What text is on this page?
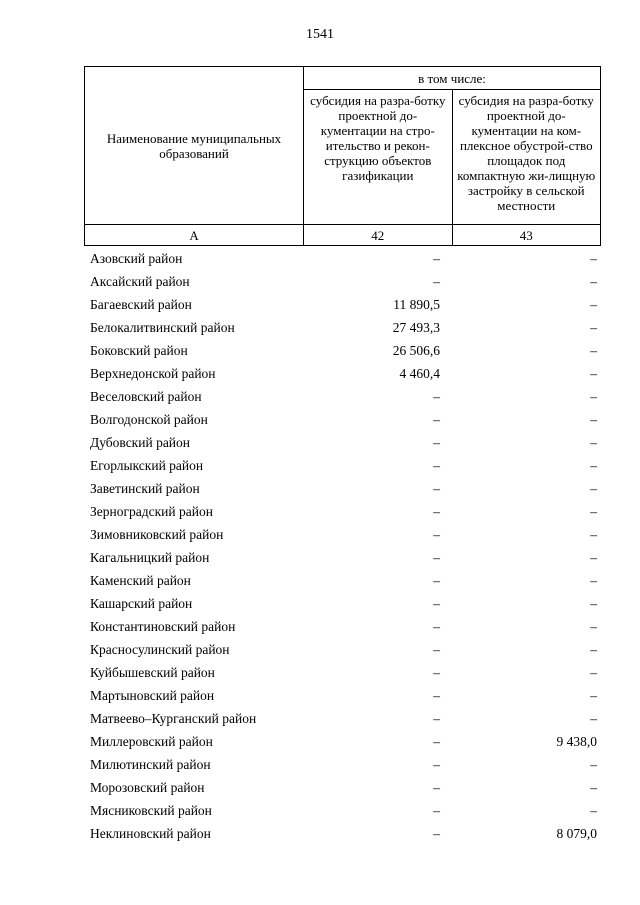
1541
Наименование муниципальных образований	в том числе:	

	субсидия на разра-ботку проектной до-кументации на стро-ительство и рекон-струкцию объектов газификации	субсидия на разра-ботку проектной до-кументации на ком-плексное обустрой-ство площадок под компактную жи-лищную застройку в сельской местности

А	42	43
Азовский район	–	–
Аксайский район	–	–
Багаевский район	11 890,5	–
Белокалитвинский район	27 493,3	–
Боковский район	26 506,6	–
Верхнедонской район	4 460,4	–
Веселовский район	–	–
Волгодонской район	–	–
Дубовский район	–	–
Егорлыкский район	–	–
Заветинский район	–	–
Зерноградский район	–	–
Зимовниковский район	–	–
Кагальницкий район	–	–
Каменский район	–	–
Кашарский район	–	–
Константиновский район	–	–
Красносулинский район	–	–
Куйбышевский район	–	–
Мартыновский район	–	–
Матвеево–Курганский район	–	–
Миллеровский район	–	9 438,0
Милютинский район	–	–
Морозовский район	–	–
Мясниковский район	–	–
Неклиновский район	–	8 079,0
